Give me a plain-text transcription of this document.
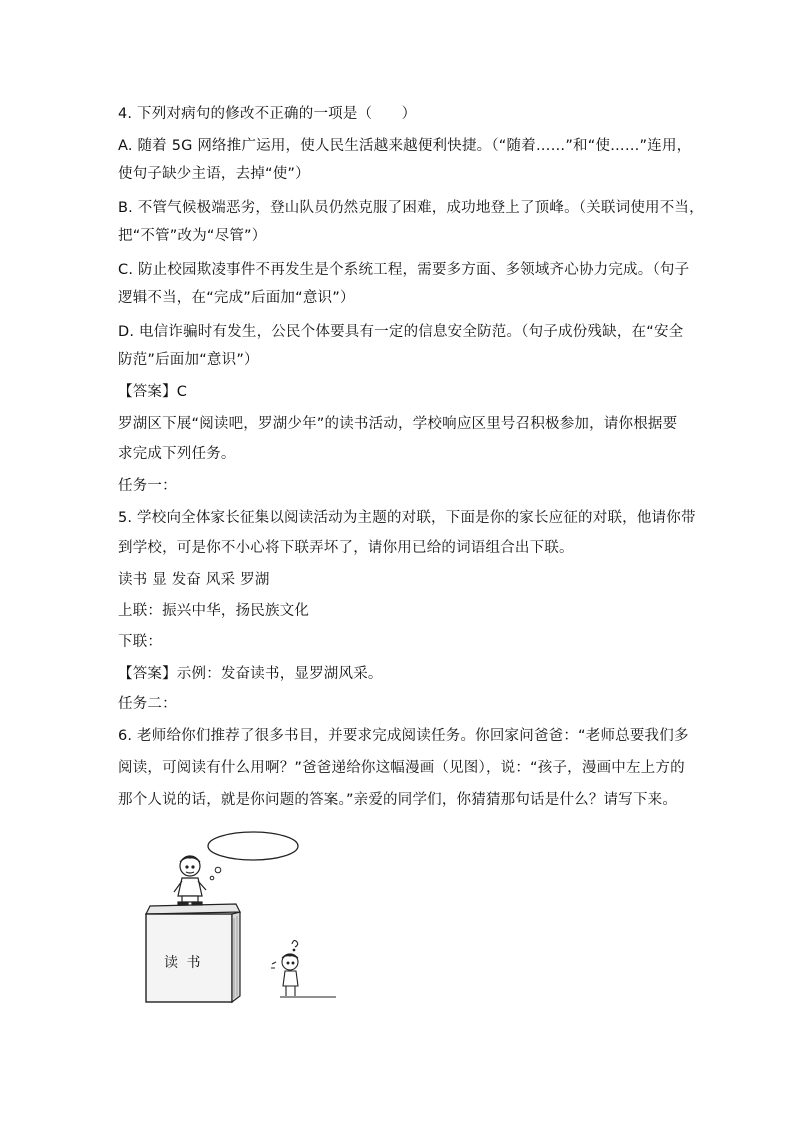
4. 下列对病句的修改不正确的一项是（　　）
A. 随着 5G 网络推广运用，使人民生活越来越便利快捷。（“随着……”和“使……”连用，
使句子缺少主语，去掉“使”）
B. 不管气候极端恶劣，登山队员仍然克服了困难，成功地登上了顶峰。（关联词使用不当，
把“不管”改为“尽管”）
C. 防止校园欺凌事件不再发生是个系统工程，需要多方面、多领域齐心协力完成。（句子
逻辑不当，在“完成”后面加“意识”）
D. 电信诈骗时有发生，公民个体要具有一定的信息安全防范。（句子成份残缺，在“安全
防范”后面加“意识”）
【答案】C
罗湖区下展“阅读吧，罗湖少年”的读书活动，学校响应区里号召积极参加，请你根据要
求完成下列任务。
任务一：
5. 学校向全体家长征集以阅读活动为主题的对联，下面是你的家长应征的对联，他请你带
到学校，可是你不小心将下联弄坏了，请你用已给的词语组合出下联。
读书 显 发奋 风采 罗湖
上联：振兴中华，扬民族文化
下联：
【答案】示例：发奋读书，显罗湖风采。
任务二：
6. 老师给你们推荐了很多书目，并要求完成阅读任务。你回家问爸爸：“老师总要我们多
阅读，可阅读有什么用啊？”爸爸递给你这幅漫画（见图），说：“孩子，漫画中左上方的
那个人说的话，就是你问题的答案。”亲爱的同学们，你猜猜那句话是什么？请写下来。
读 书
